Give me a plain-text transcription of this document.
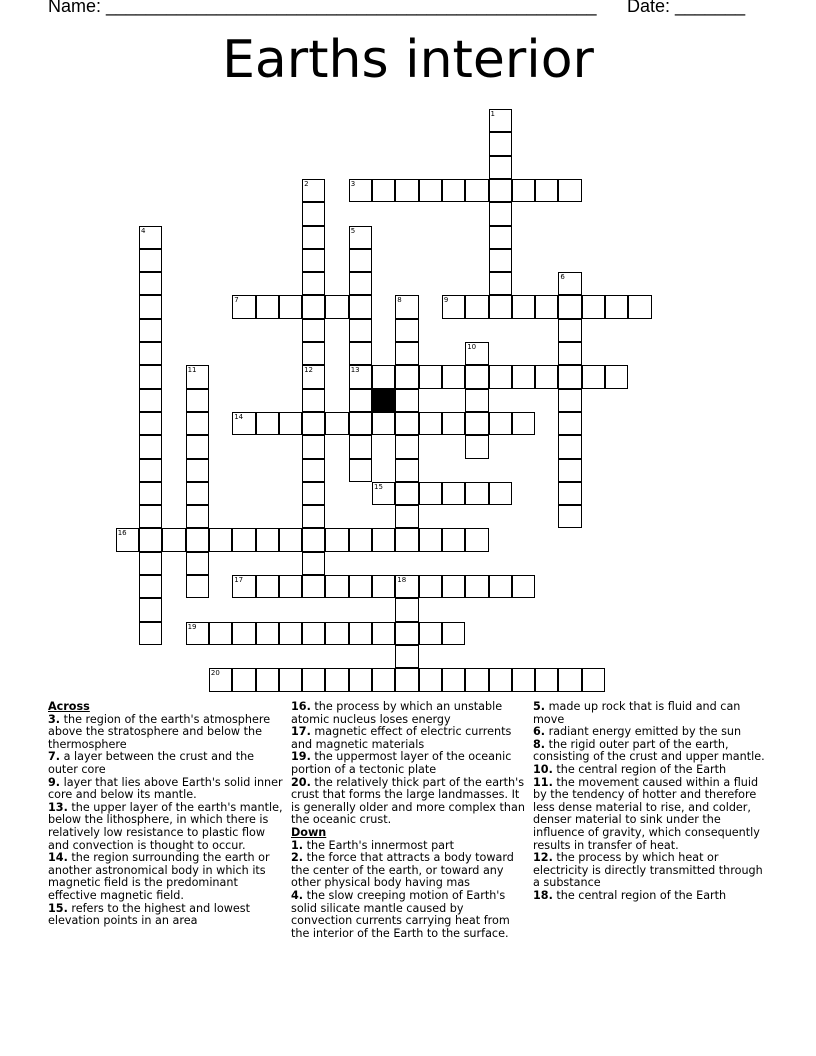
Name: _________________________________________________ Date: _______
Earths interior
1
2
12
3
4	5
13
6
7	8	9
10
11
14
15
16
17	18
19
20

Across

3. the region of the earth's atmosphere above the stratosphere and below the thermosphere

7. a layer between the crust and the outer core

9. layer that lies above Earth's solid inner core and below its mantle.

13. the upper layer of the earth's mantle, below the lithosphere, in which there is relatively low resistance to plastic flow and convection is thought to occur.

14. the region surrounding the earth or another astronomical body in which its magnetic field is the predominant effective magnetic field.

15. refers to the highest and lowest elevation points in an area

16. the process by which an unstable atomic nucleus loses energy

17. magnetic effect of electric currents and magnetic materials

19. the uppermost layer of the oceanic portion of a tectonic plate

20. the relatively thick part of the earth's crust that forms the large landmasses. It is generally older and more complex than the oceanic crust.

Down

1. the Earth's innermost part

2. the force that attracts a body toward the center of the earth, or toward any other physical body having mas

4. the slow creeping motion of Earth's solid silicate mantle caused by convection currents carrying heat from the interior of the Earth to the surface.

5. made up rock that is fluid and can move

6. radiant energy emitted by the sun

8. the rigid outer part of the earth, consisting of the crust and upper mantle.

10. the central region of the Earth

11. the movement caused within a fluid by the tendency of hotter and therefore less dense material to rise, and colder, denser material to sink under the influence of gravity, which consequently results in transfer of heat.

12. the process by which heat or electricity is directly transmitted through a substance

18. the central region of the Earth
